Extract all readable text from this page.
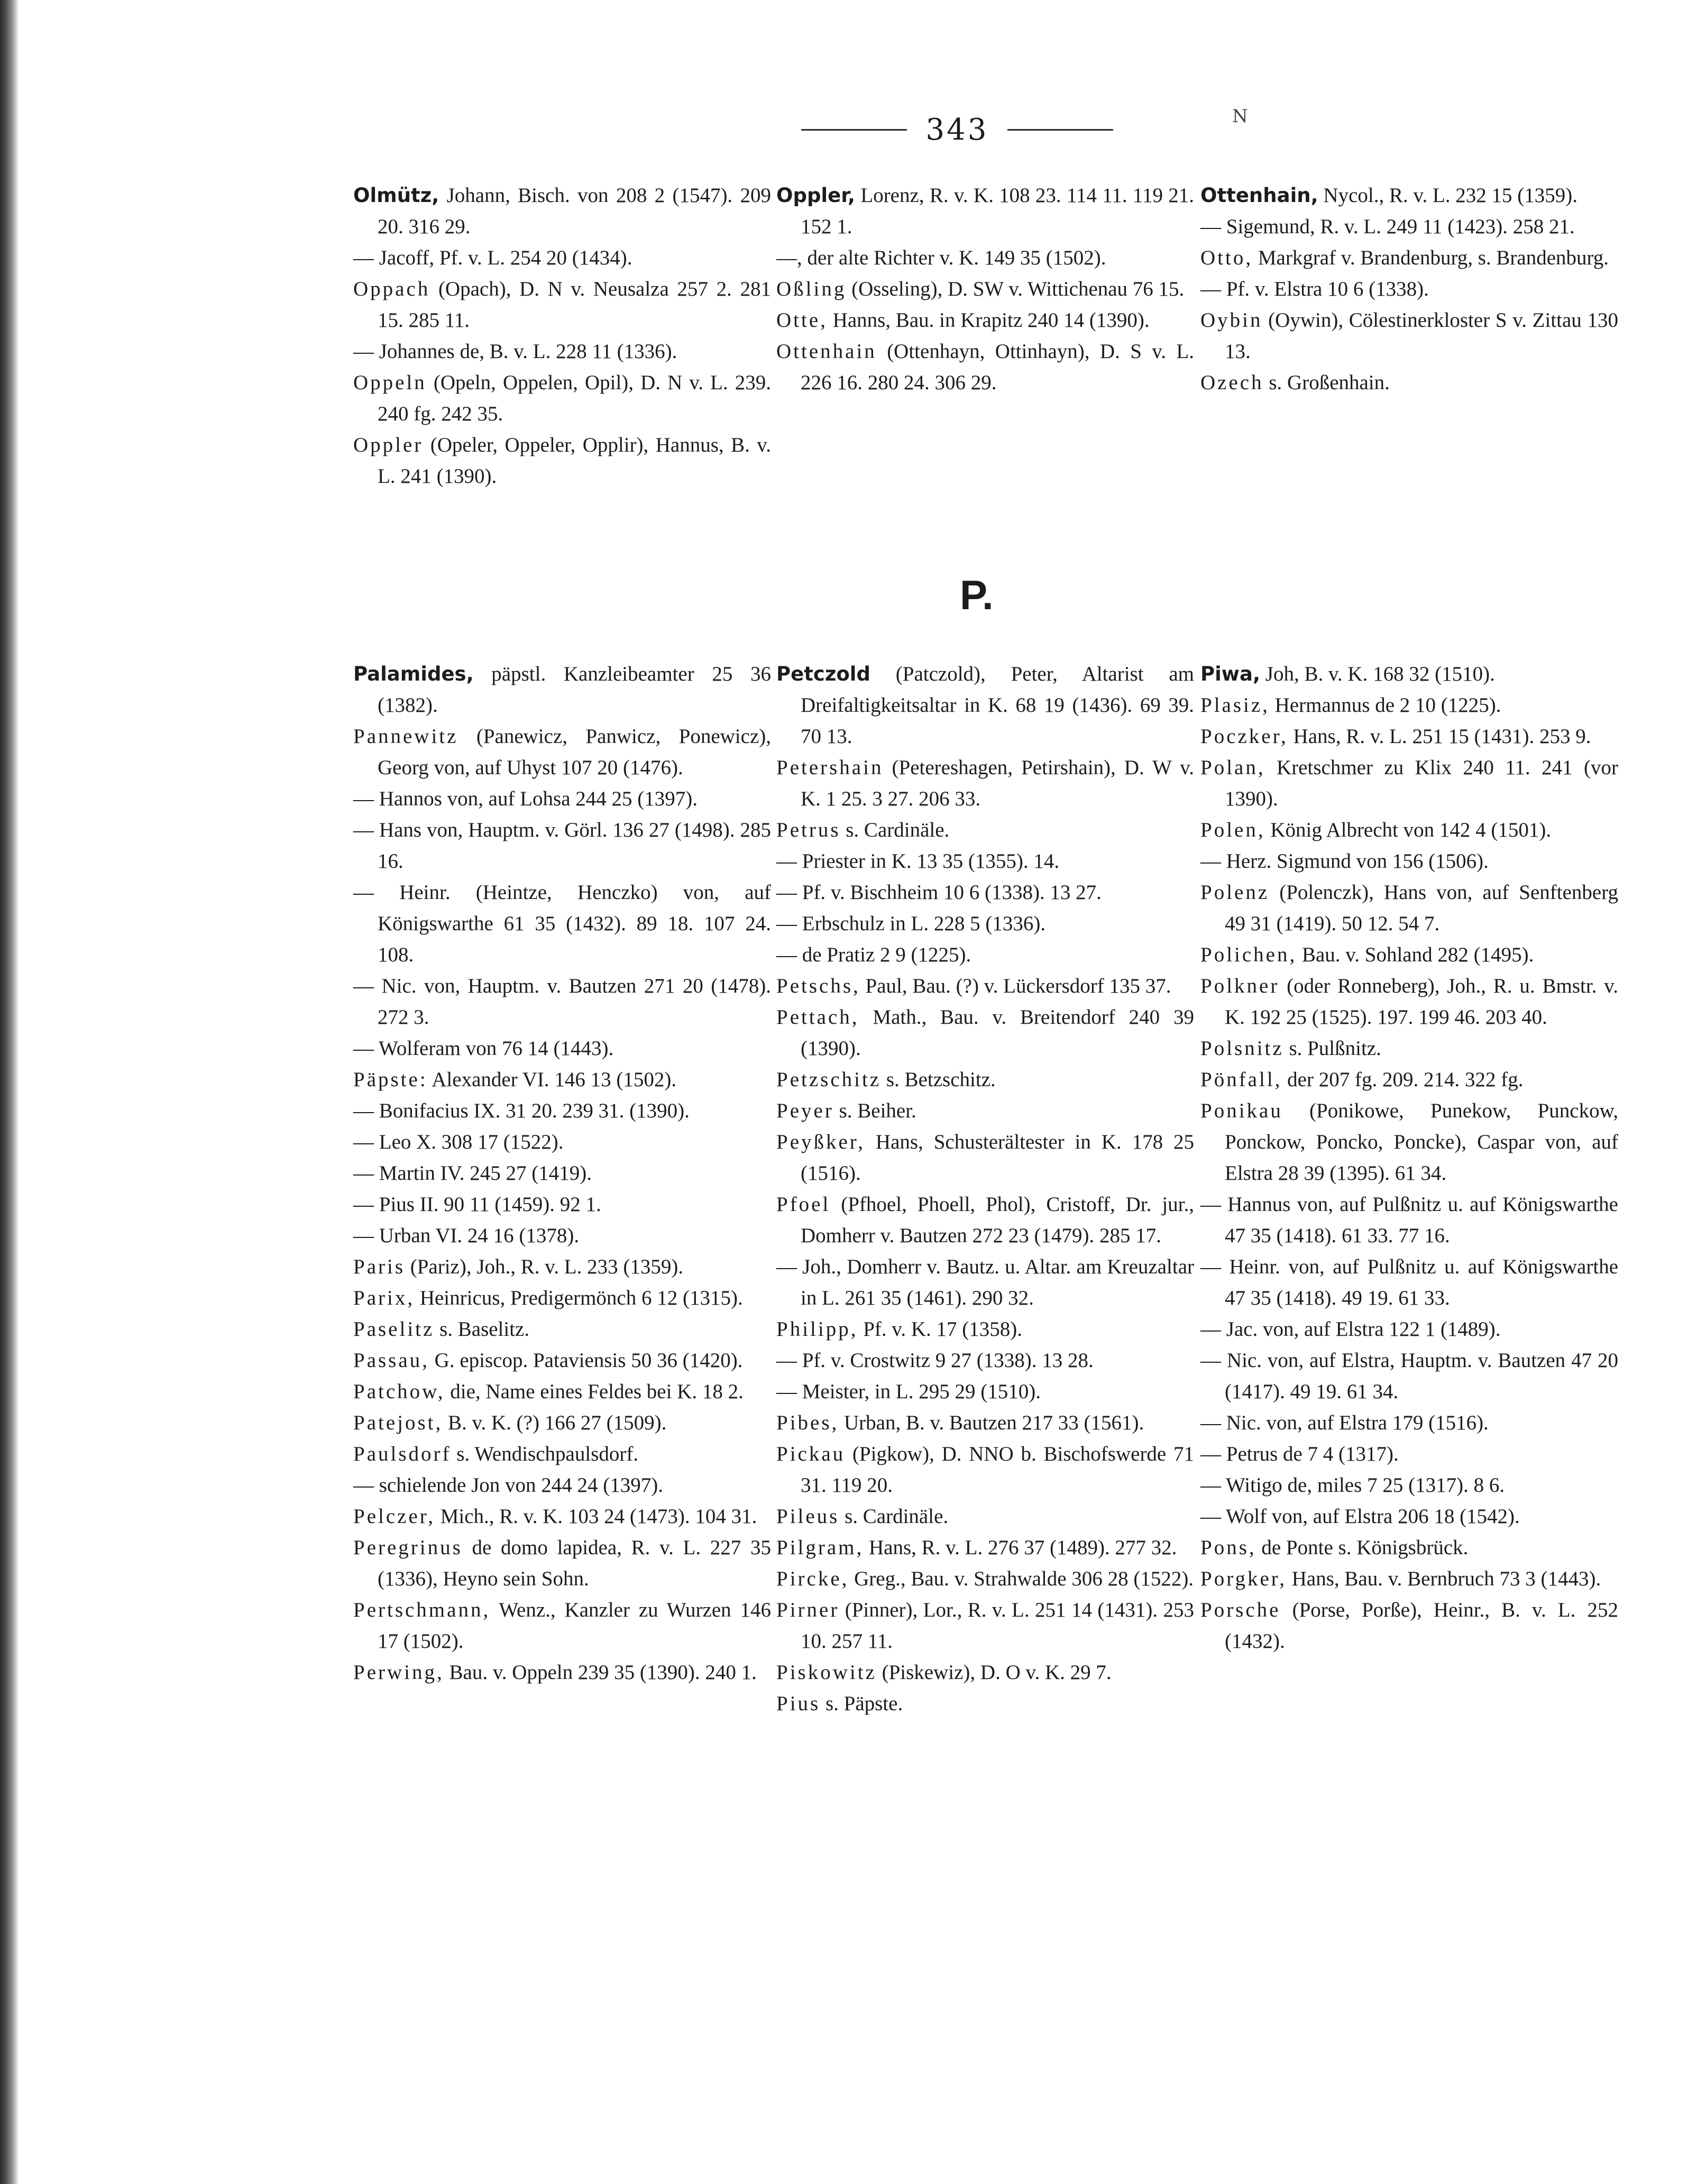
343	N
Olmütz, Johann, Bisch. von 208 2 (1547). 209 20. 316 29.
— Jacoff, Pf. v. L. 254 20 (1434).
Oppach (Opach), D. N v. Neusalza 257 2. 281 15. 285 11.
— Johannes de, B. v. L. 228 11 (1336).
Oppeln (Opeln, Oppelen, Opil), D. N v. L. 239. 240 fg. 242 35.
Oppler (Opeler, Oppeler, Opplir), Hannus, B. v. L. 241 (1390).
Oppler, Lorenz, R. v. K. 108 23. 114 11. 119 21. 152 1.
—, der alte Richter v. K. 149 35 (1502).
Oßling (Osseling), D. SW v. Wittichenau 76 15.
Otte, Hanns, Bau. in Krapitz 240 14 (1390).
Ottenhain (Ottenhayn, Ottinhayn), D. S v. L. 226 16. 280 24. 306 29.
Ottenhain, Nycol., R. v. L. 232 15 (1359).
— Sigemund, R. v. L. 249 11 (1423). 258 21.
Otto, Markgraf v. Brandenburg, s. Brandenburg.
— Pf. v. Elstra 10 6 (1338).
Oybin (Oywin), Cölestinerkloster S v. Zittau 130 13.
Ozech s. Großenhain.
P.
Palamides, päpstl. Kanzleibeamter 25 36 (1382).
Pannewitz (Panewicz, Panwicz, Ponewicz), Georg von, auf Uhyst 107 20 (1476).
— Hannos von, auf Lohsa 244 25 (1397).
— Hans von, Hauptm. v. Görl. 136 27 (1498). 285 16.
— Heinr. (Heintze, Henczko) von, auf Königswarthe 61 35 (1432). 89 18. 107 24. 108.
— Nic. von, Hauptm. v. Bautzen 271 20 (1478). 272 3.
— Wolferam von 76 14 (1443).
Päpste: Alexander VI. 146 13 (1502).
— Bonifacius IX. 31 20. 239 31. (1390).
— Leo X. 308 17 (1522).
— Martin IV. 245 27 (1419).
— Pius II. 90 11 (1459). 92 1.
— Urban VI. 24 16 (1378).
Paris (Pariz), Joh., R. v. L. 233 (1359).
Parix, Heinricus, Predigermönch 6 12 (1315).
Paselitz s. Baselitz.
Passau, G. episcop. Pataviensis 50 36 (1420).
Patchow, die, Name eines Feldes bei K. 18 2.
Patejost, B. v. K. (?) 166 27 (1509).
Paulsdorf s. Wendischpaulsdorf.
— schielende Jon von 244 24 (1397).
Pelczer, Mich., R. v. K. 103 24 (1473). 104 31.
Peregrinus de domo lapidea, R. v. L. 227 35 (1336), Heyno sein Sohn.
Pertschmann, Wenz., Kanzler zu Wurzen 146 17 (1502).
Perwing, Bau. v. Oppeln 239 35 (1390). 240 1.
Petczold (Patczold), Peter, Altarist am Dreifaltigkeitsaltar in K. 68 19 (1436). 69 39. 70 13.
Petershain (Petereshagen, Petirshain), D. W v. K. 1 25. 3 27. 206 33.
Petrus s. Cardinäle.
— Priester in K. 13 35 (1355). 14.
— Pf. v. Bischheim 10 6 (1338). 13 27.
— Erbschulz in L. 228 5 (1336).
— de Pratiz 2 9 (1225).
Petschs, Paul, Bau. (?) v. Lückersdorf 135 37.
Pettach, Math., Bau. v. Breitendorf 240 39 (1390).
Petzschitz s. Betzschitz.
Peyer s. Beiher.
Peyßker, Hans, Schusterältester in K. 178 25 (1516).
Pfoel (Pfhoel, Phoell, Phol), Cristoff, Dr. jur., Domherr v. Bautzen 272 23 (1479). 285 17.
— Joh., Domherr v. Bautz. u. Altar. am Kreuzaltar in L. 261 35 (1461). 290 32.
Philipp, Pf. v. K. 17 (1358).
— Pf. v. Crostwitz 9 27 (1338). 13 28.
— Meister, in L. 295 29 (1510).
Pibes, Urban, B. v. Bautzen 217 33 (1561).
Pickau (Pigkow), D. NNO b. Bischofswerde 71 31. 119 20.
Pileus s. Cardinäle.
Pilgram, Hans, R. v. L. 276 37 (1489). 277 32.
Pircke, Greg., Bau. v. Strahwalde 306 28 (1522).
Pirner (Pinner), Lor., R. v. L. 251 14 (1431). 253 10. 257 11.
Piskowitz (Piskewiz), D. O v. K. 29 7.
Pius s. Päpste.
Piwa, Joh, B. v. K. 168 32 (1510).
Plasiz, Hermannus de 2 10 (1225).
Poczker, Hans, R. v. L. 251 15 (1431). 253 9.
Polan, Kretschmer zu Klix 240 11. 241 (vor 1390).
Polen, König Albrecht von 142 4 (1501).
— Herz. Sigmund von 156 (1506).
Polenz (Polenczk), Hans von, auf Senftenberg 49 31 (1419). 50 12. 54 7.
Polichen, Bau. v. Sohland 282 (1495).
Polkner (oder Ronneberg), Joh., R. u. Bmstr. v. K. 192 25 (1525). 197. 199 46. 203 40.
Polsnitz s. Pulßnitz.
Pönfall, der 207 fg. 209. 214. 322 fg.
Ponikau (Ponikowe, Punekow, Punckow, Ponckow, Poncko, Poncke), Caspar von, auf Elstra 28 39 (1395). 61 34.
— Hannus von, auf Pulßnitz u. auf Königswarthe 47 35 (1418). 61 33. 77 16.
— Heinr. von, auf Pulßnitz u. auf Königswarthe 47 35 (1418). 49 19. 61 33.
— Jac. von, auf Elstra 122 1 (1489).
— Nic. von, auf Elstra, Hauptm. v. Bautzen 47 20 (1417). 49 19. 61 34.
— Nic. von, auf Elstra 179 (1516).
— Petrus de 7 4 (1317).
— Witigo de, miles 7 25 (1317). 8 6.
— Wolf von, auf Elstra 206 18 (1542).
Pons, de Ponte s. Königsbrück.
Porgker, Hans, Bau. v. Bernbruch 73 3 (1443).
Porsche (Porse, Porße), Heinr., B. v. L. 252 (1432).
